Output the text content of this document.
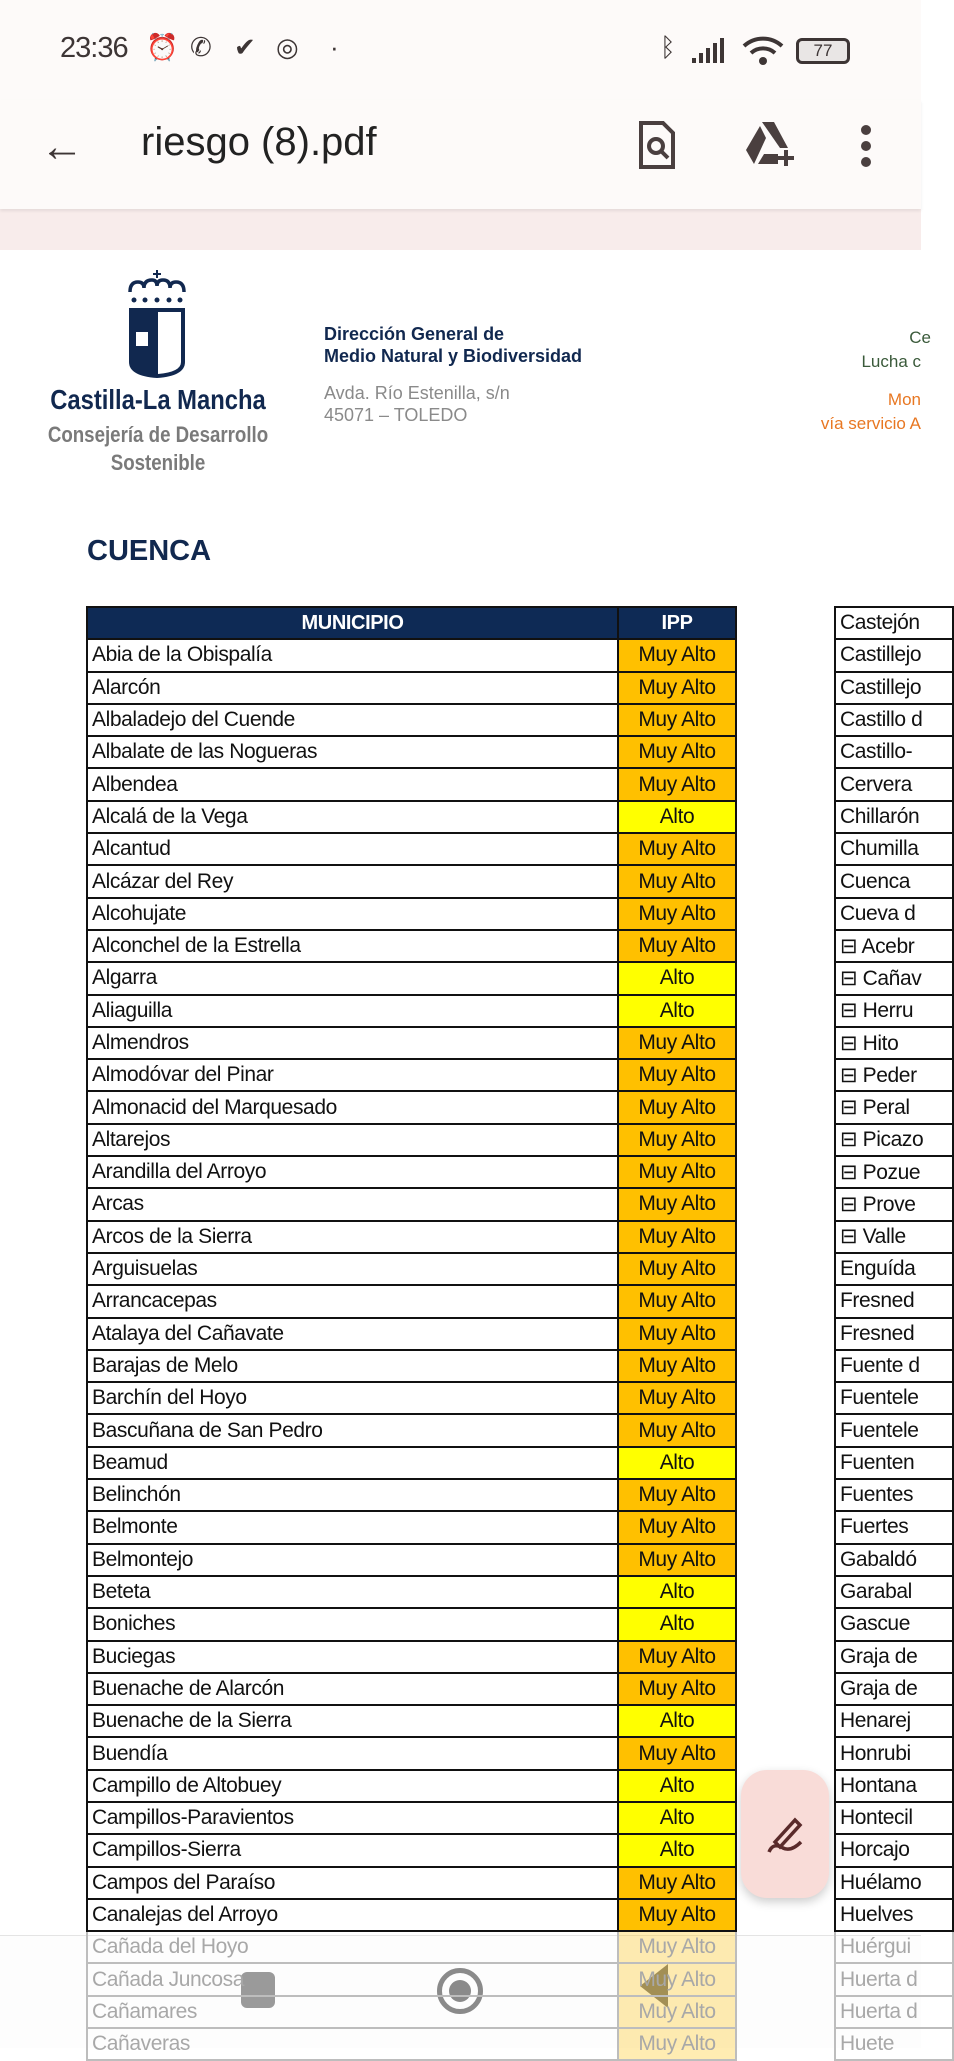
23:36 ⏰ ✆ ✔ ◎ ·	ᛒ	77
← riesgo (8).pdf
Castilla-La Mancha
Consejería de Desarrollo
Sostenible
Dirección General de
Medio Natural y Biodiversidad
Avda. Río Estenilla, s/n
45071 – TOLEDO
Ce
Lucha c
Mon
vía servicio A
CUENCA
MUNICIPIO	IPP
Abia de la Obispalía	Muy Alto
Alarcón	Muy Alto
Albaladejo del Cuende	Muy Alto
Albalate de las Nogueras	Muy Alto
Albendea	Muy Alto
Alcalá de la Vega	Alto
Alcantud	Muy Alto
Alcázar del Rey	Muy Alto
Alcohujate	Muy Alto
Alconchel de la Estrella	Muy Alto
Algarra	Alto
Aliaguilla	Alto
Almendros	Muy Alto
Almodóvar del Pinar	Muy Alto
Almonacid del Marquesado	Muy Alto
Altarejos	Muy Alto
Arandilla del Arroyo	Muy Alto
Arcas	Muy Alto
Arcos de la Sierra	Muy Alto
Arguisuelas	Muy Alto
Arrancacepas	Muy Alto
Atalaya del Cañavate	Muy Alto
Barajas de Melo	Muy Alto
Barchín del Hoyo	Muy Alto
Bascuñana de San Pedro	Muy Alto
Beamud	Alto
Belinchón	Muy Alto
Belmonte	Muy Alto
Belmontejo	Muy Alto
Beteta	Alto
Boniches	Alto
Buciegas	Muy Alto
Buenache de Alarcón	Muy Alto
Buenache de la Sierra	Alto
Buendía	Muy Alto
Campillo de Altobuey	Alto
Campillos-Paravientos	Alto
Campillos-Sierra	Alto
Campos del Paraíso	Muy Alto
Canalejas del Arroyo	Muy Alto
Cañada del Hoyo	Muy Alto
Cañada Juncosa	Muy Alto
Cañamares	Muy Alto
Cañaveras	Muy Alto
Castejón
Castillejo
Castillejo
Castillo d
Castillo-
Cervera
Chillarón
Chumilla
Cuenca
Cueva d
⊟ Acebr
⊟ Cañav
⊟ Herru
⊟ Hito
⊟ Peder
⊟ Peral
⊟ Picazo
⊟ Pozue
⊟ Prove
⊟ Valle
Enguída
Fresned
Fresned
Fuente d
Fuentele
Fuentele
Fuenten
Fuentes
Fuertes
Gabaldó
Garabal
Gascue
Graja de
Graja de
Henarej
Honrubi
Hontana
Hontecil
Horcajo
Huélamo
Huelves
Huérgui
Huerta d
Huerta d
Huete
